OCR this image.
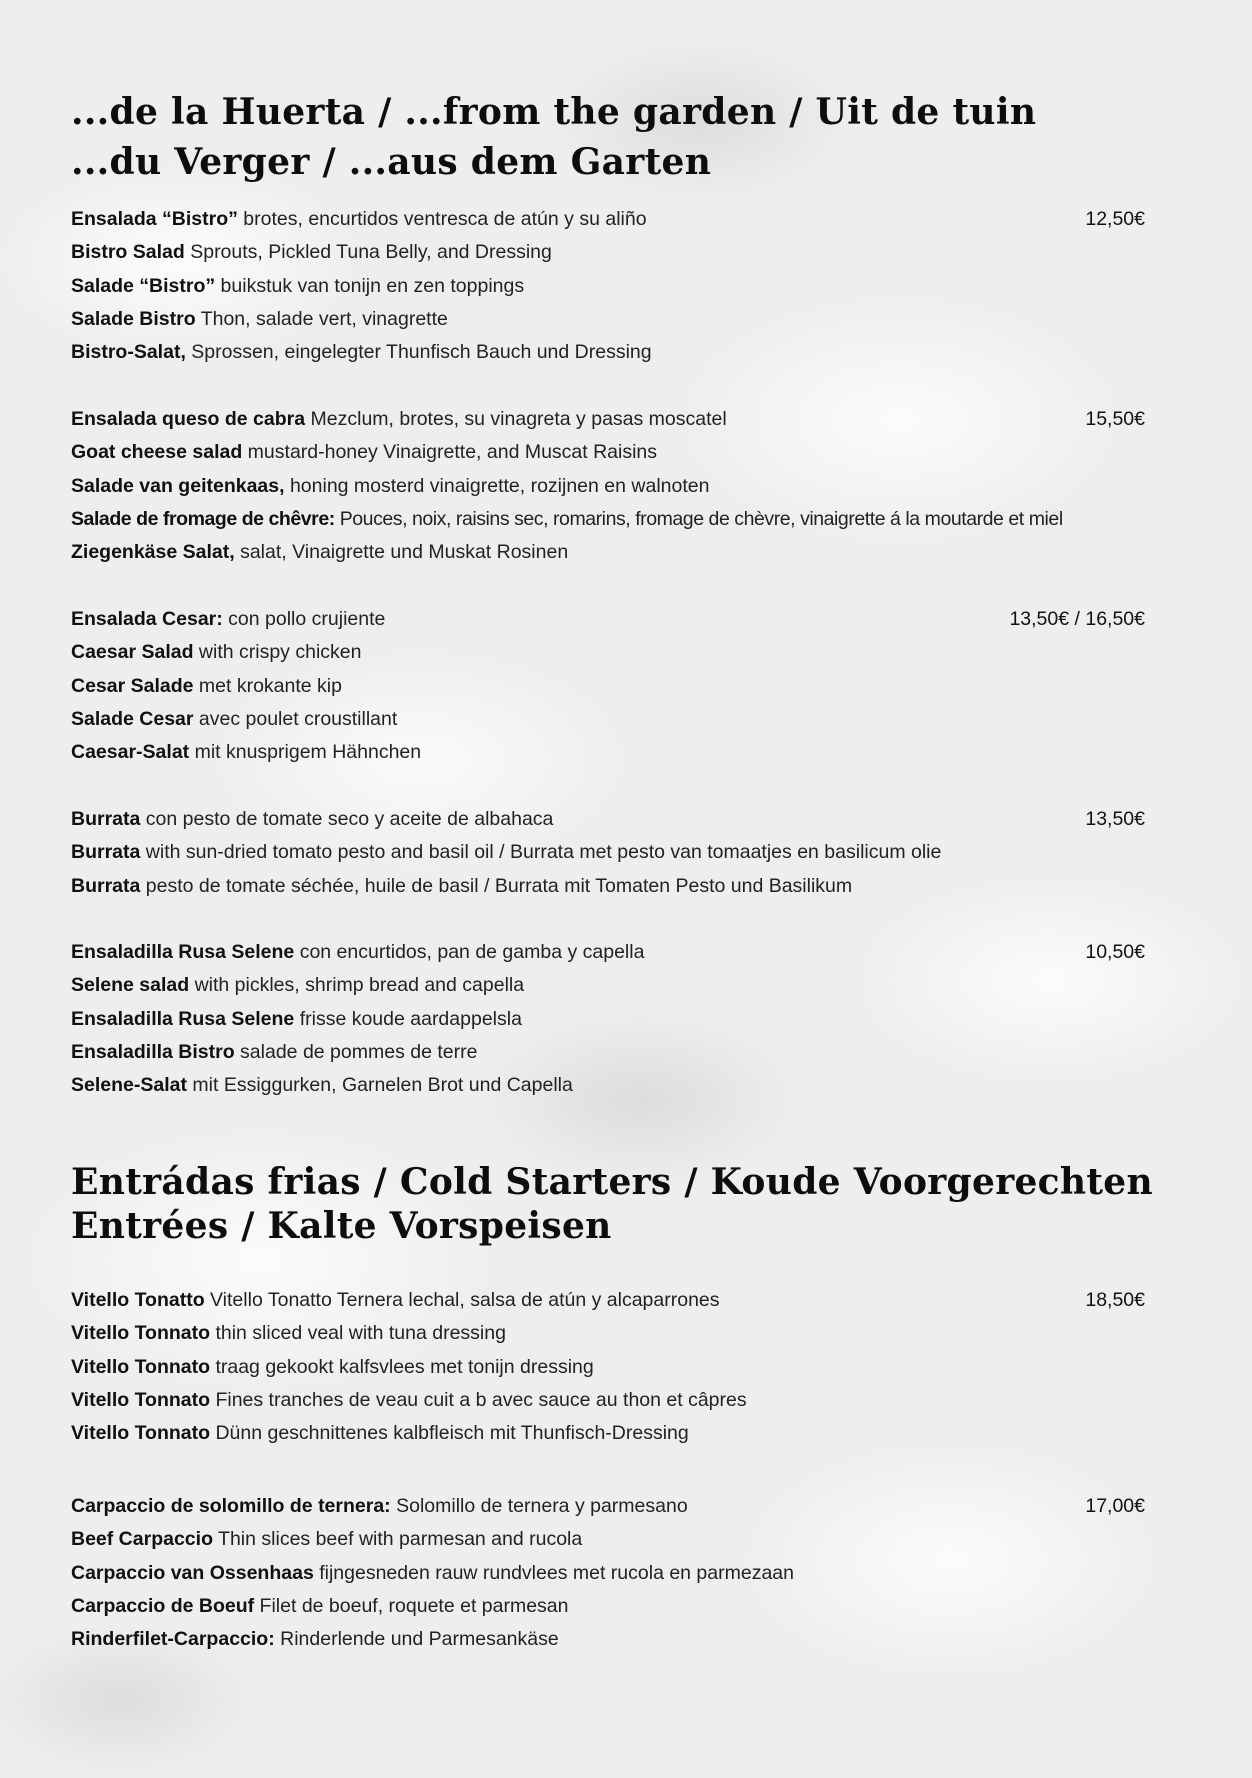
...de la Huerta / ...from the garden / Uit de tuin
...du Verger / ...aus dem Garten
12,50€
Ensalada “Bistro” brotes, encurtidos ventresca de atún y su aliño
Bistro Salad Sprouts, Pickled Tuna Belly, and Dressing
Salade “Bistro” buikstuk van tonijn en zen toppings
Salade Bistro Thon, salade vert, vinagrette
Bistro-Salat, Sprossen, eingelegter Thunfisch Bauch und Dressing
15,50€
Ensalada queso de cabra Mezclum, brotes, su vinagreta y pasas moscatel
Goat cheese salad mustard-honey Vinaigrette, and Muscat Raisins
Salade van geitenkaas, honing mosterd vinaigrette, rozijnen en walnoten
Salade de fromage de chêvre: Pouces, noix, raisins sec, romarins, fromage de chèvre, vinaigrette á la moutarde et miel
Ziegenkäse Salat, salat, Vinaigrette und Muskat Rosinen
13,50€ / 16,50€
Ensalada Cesar: con pollo crujiente
Caesar Salad with crispy chicken
Cesar Salade met krokante kip
Salade Cesar avec poulet croustillant
Caesar-Salat mit knusprigem Hähnchen
13,50€
Burrata con pesto de tomate seco y aceite de albahaca
Burrata with sun-dried tomato pesto and basil oil / Burrata met pesto van tomaatjes en basilicum olie
Burrata pesto de tomate séchée, huile de basil / Burrata mit Tomaten Pesto und Basilikum
10,50€
Ensaladilla Rusa Selene con encurtidos, pan de gamba y capella
Selene salad with pickles, shrimp bread and capella
Ensaladilla Rusa Selene frisse koude aardappelsla
Ensaladilla Bistro salade de pommes de terre
Selene-Salat mit Essiggurken, Garnelen Brot und Capella
Entrádas frias / Cold Starters / Koude Voorgerechten
Entrées / Kalte Vorspeisen
18,50€
Vitello Tonatto Vitello Tonatto Ternera lechal, salsa de atún y alcaparrones
Vitello Tonnato thin sliced veal with tuna dressing
Vitello Tonnato traag gekookt kalfsvlees met tonijn dressing
Vitello Tonnato Fines tranches de veau cuit a b avec sauce au thon et câpres
Vitello Tonnato Dünn geschnittenes kalbfleisch mit Thunfisch-Dressing
17,00€
Carpaccio de solomillo de ternera: Solomillo de ternera y parmesano
Beef Carpaccio Thin slices beef with parmesan and rucola
Carpaccio van Ossenhaas fijngesneden rauw rundvlees met rucola en parmezaan
Carpaccio de Boeuf Filet de boeuf, roquete et parmesan
Rinderfilet-Carpaccio: Rinderlende und Parmesankäse
